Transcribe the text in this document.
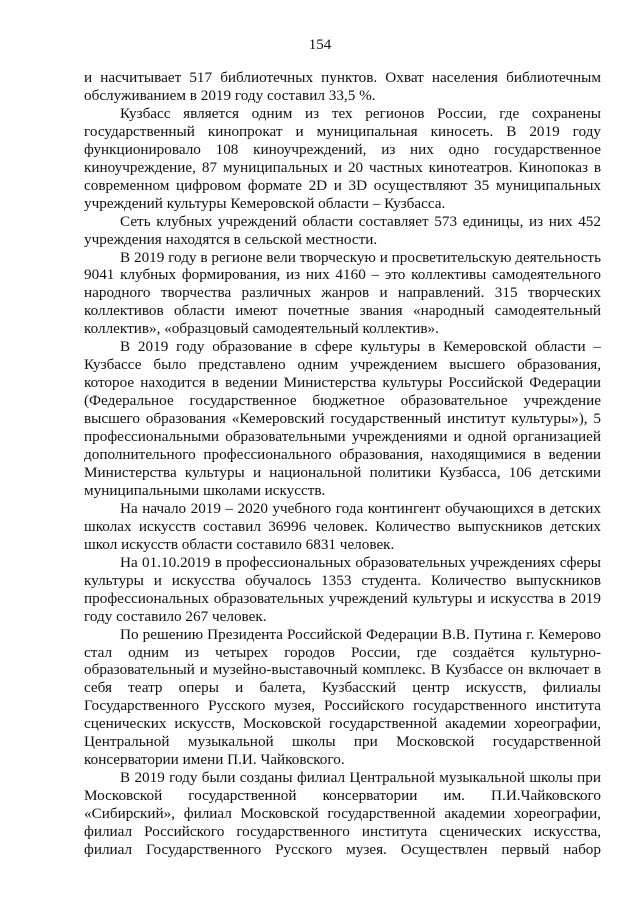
154

и насчитывает 517 библиотечных пунктов. Охват населения библиотечным обслуживанием в 2019 году составил 33,5 %.

Кузбасс является одним из тех регионов России, где сохранены государственный кинопрокат и муниципальная киносеть. В 2019 году функционировало 108 киноучреждений, из них одно государственное киноучреждение, 87 муниципальных и 20 частных кинотеатров. Кинопоказ в современном цифровом формате 2D и 3D осуществляют 35 муниципальных учреждений культуры Кемеровской области – Кузбасса.

Сеть клубных учреждений области составляет 573 единицы, из них 452 учреждения находятся в сельской местности.

В 2019 году в регионе вели творческую и просветительскую деятельность 9041 клубных формирования, из них 4160 – это коллективы самодеятельного народного творчества различных жанров и направлений. 315 творческих коллективов области имеют почетные звания «народный самодеятельный коллектив», «образцовый самодеятельный коллектив».

В 2019 году образование в сфере культуры в Кемеровской области – Кузбассе было представлено одним учреждением высшего образования, которое находится в ведении Министерства культуры Российской Федерации (Федеральное государственное бюджетное образовательное учреждение высшего образования «Кемеровский государственный институт культуры»), 5 профессиональными образовательными учреждениями и одной организацией дополнительного профессионального образования, находящимися в ведении Министерства культуры и национальной политики Кузбасса, 106 детскими муниципальными школами искусств.

На начало 2019 – 2020 учебного года контингент обучающихся в детских школах искусств составил 36996 человек. Количество выпускников детских школ искусств области составило 6831 человек.

На 01.10.2019 в профессиональных образовательных учреждениях сферы культуры и искусства обучалось 1353 студента. Количество выпускников профессиональных образовательных учреждений культуры и искусства в 2019 году составило 267 человек.

По решению Президента Российской Федерации В.В. Путина г. Кемерово стал одним из четырех городов России, где создаётся культурно-образовательный и музейно-выставочный комплекс. В Кузбассе он включает в себя театр оперы и балета, Кузбасский центр искусств, филиалы Государственного Русского музея, Российского государственного института сценических искусств, Московской государственной академии хореографии, Центральной музыкальной школы при Московской государственной консерватории имени П.И. Чайковского.

В 2019 году были созданы филиал Центральной музыкальной школы при Московской государственной консерватории им. П.И.Чайковского «Сибирский», филиал Московской государственной академии хореографии, филиал Российского государственного института сценических искусства, филиал Государственного Русского музея. Осуществлен первый набор
